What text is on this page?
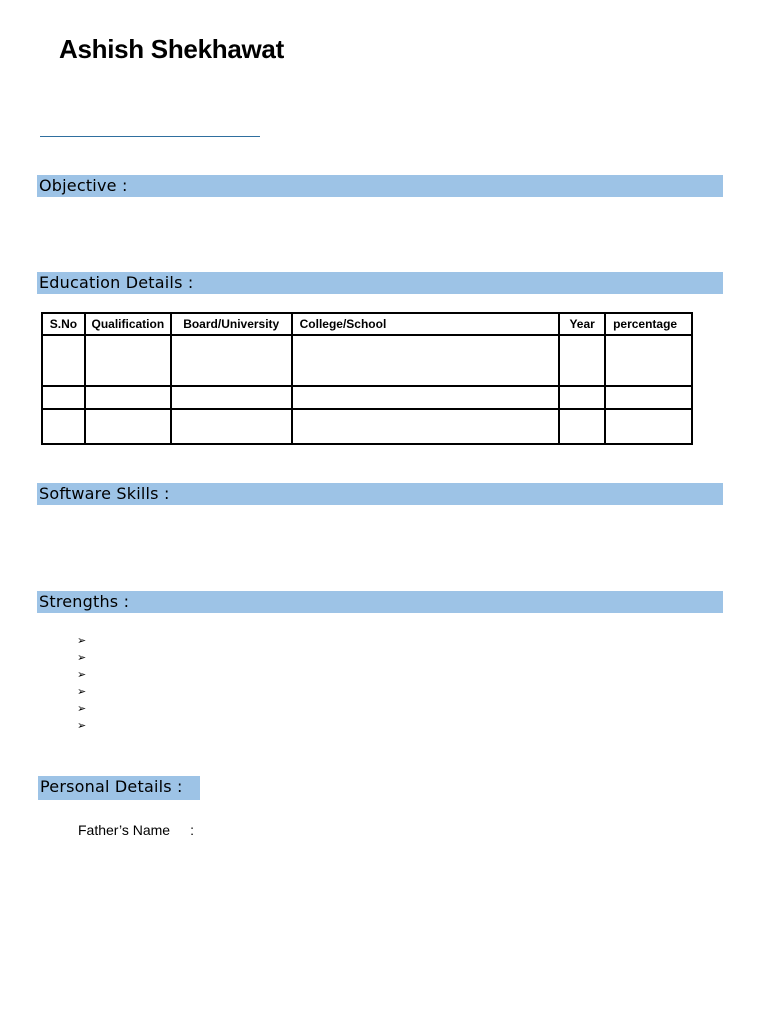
Ashish Shekhawat
Objective :
Education Details :
S.No	Qualification	Board/University	College/School	Year	percentage

Software Skills :
Strengths :
➢
➢
➢
➢
➢
➢
Personal Details :
Father’s Name :
